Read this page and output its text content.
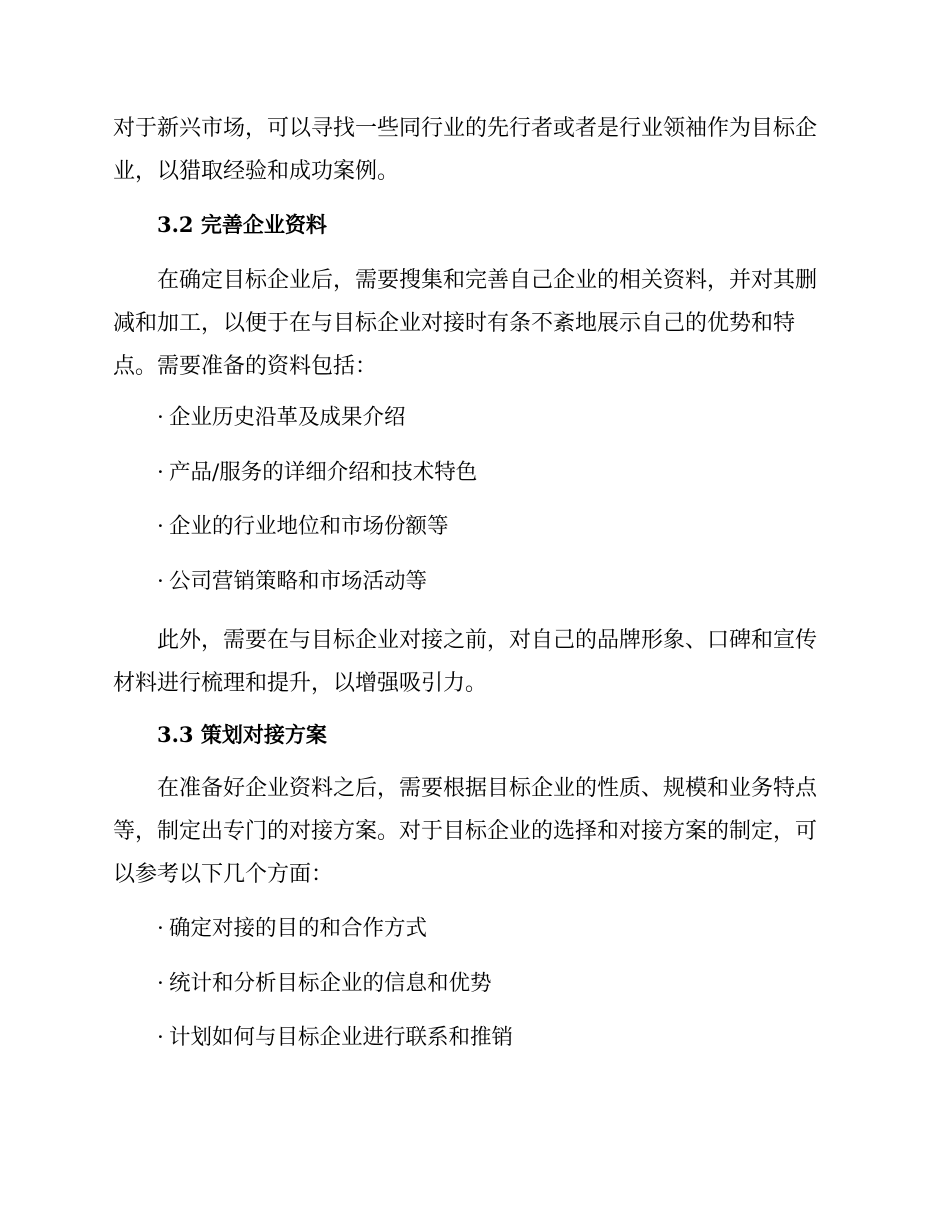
对于新兴市场，可以寻找一些同行业的先行者或者是行业领袖作为目标企业，以猎取经验和成功案例。

3.2 完善企业资料

在确定目标企业后，需要搜集和完善自己企业的相关资料，并对其删减和加工，以便于在与目标企业对接时有条不紊地展示自己的优势和特点。需要准备的资料包括：

· 企业历史沿革及成果介绍

· 产品/服务的详细介绍和技术特色

· 企业的行业地位和市场份额等

· 公司营销策略和市场活动等

此外，需要在与目标企业对接之前，对自己的品牌形象、口碑和宣传材料进行梳理和提升，以增强吸引力。

3.3 策划对接方案

在准备好企业资料之后，需要根据目标企业的性质、规模和业务特点等，制定出专门的对接方案。对于目标企业的选择和对接方案的制定，可以参考以下几个方面：

· 确定对接的目的和合作方式

· 统计和分析目标企业的信息和优势

· 计划如何与目标企业进行联系和推销
